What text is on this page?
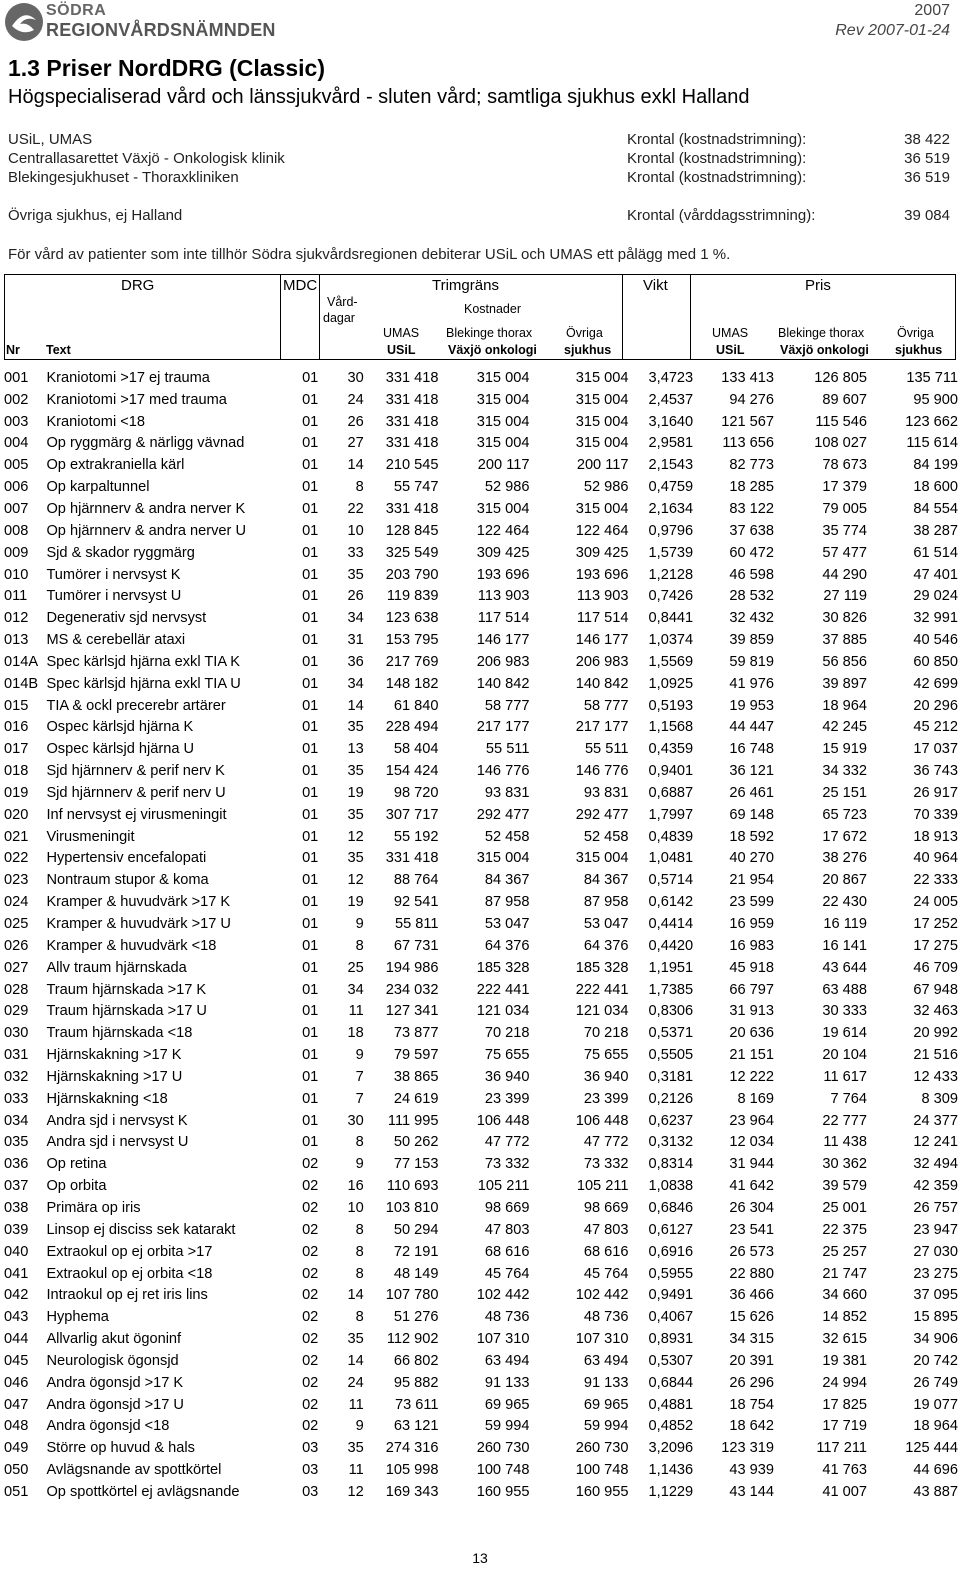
SÖDRA
REGIONVÅRDSNÄMNDEN
2007
Rev 2007-01-24
1.3 Priser NordDRG (Classic)
Högspecialiserad vård och länssjukvård - sluten vård; samtliga sjukhus exkl Halland
USiL, UMAS	Krontal (kostnadstrimning):	38 422
Centrallasarettet Växjö - Onkologisk klinik	Krontal (kostnadstrimning):	36 519
Blekingesjukhuset - Thoraxkliniken	Krontal (kostnadstrimning):	36 519
Övriga sjukhus, ej Halland	Krontal (vårddagsstrimning):	39 084
För vård av patienter som inte tillhör Södra sjukvårdsregionen debiterar USiL och UMAS ett pålägg med 1 %.
DRG	MDC	Trimgräns	Vikt	Pris
Vård-
dagar
Kostnader
UMAS Blekinge thorax	Övriga	UMAS Blekinge thorax	Övriga
Nr Text	USiL	Växjö onkologi sjukhus	USiL	Växjö onkologi sjukhus
001	Kraniotomi >17 ej trauma	01	30	331 418	315 004	315 004	3,4723	133 413	126 805	135 711
002	Kraniotomi >17 med trauma	01	24	331 418	315 004	315 004	2,4537	94 276	89 607	95 900
003	Kraniotomi <18	01	26	331 418	315 004	315 004	3,1640	121 567	115 546	123 662
004	Op ryggmärg & närligg vävnad	01	27	331 418	315 004	315 004	2,9581	113 656	108 027	115 614
005	Op extrakraniella kärl	01	14	210 545	200 117	200 117	2,1543	82 773	78 673	84 199
006	Op karpaltunnel	01	8	55 747	52 986	52 986	0,4759	18 285	17 379	18 600
007	Op hjärnnerv & andra nerver K	01	22	331 418	315 004	315 004	2,1634	83 122	79 005	84 554
008	Op hjärnnerv & andra nerver U	01	10	128 845	122 464	122 464	0,9796	37 638	35 774	38 287
009	Sjd & skador ryggmärg	01	33	325 549	309 425	309 425	1,5739	60 472	57 477	61 514
010	Tumörer i nervsyst K	01	35	203 790	193 696	193 696	1,2128	46 598	44 290	47 401
011	Tumörer i nervsyst U	01	26	119 839	113 903	113 903	0,7426	28 532	27 119	29 024
012	Degenerativ sjd nervsyst	01	34	123 638	117 514	117 514	0,8441	32 432	30 826	32 991
013	MS & cerebellär ataxi	01	31	153 795	146 177	146 177	1,0374	39 859	37 885	40 546
014A	Spec kärlsjd hjärna exkl TIA K	01	36	217 769	206 983	206 983	1,5569	59 819	56 856	60 850
014B	Spec kärlsjd hjärna exkl TIA U	01	34	148 182	140 842	140 842	1,0925	41 976	39 897	42 699
015	TIA & ockl precerebr artärer	01	14	61 840	58 777	58 777	0,5193	19 953	18 964	20 296
016	Ospec kärlsjd hjärna K	01	35	228 494	217 177	217 177	1,1568	44 447	42 245	45 212
017	Ospec kärlsjd hjärna U	01	13	58 404	55 511	55 511	0,4359	16 748	15 919	17 037
018	Sjd hjärnnerv & perif nerv K	01	35	154 424	146 776	146 776	0,9401	36 121	34 332	36 743
019	Sjd hjärnnerv & perif nerv U	01	19	98 720	93 831	93 831	0,6887	26 461	25 151	26 917
020	Inf nervsyst ej virusmeningit	01	35	307 717	292 477	292 477	1,7997	69 148	65 723	70 339
021	Virusmeningit	01	12	55 192	52 458	52 458	0,4839	18 592	17 672	18 913
022	Hypertensiv encefalopati	01	35	331 418	315 004	315 004	1,0481	40 270	38 276	40 964
023	Nontraum stupor & koma	01	12	88 764	84 367	84 367	0,5714	21 954	20 867	22 333
024	Kramper & huvudvärk >17 K	01	19	92 541	87 958	87 958	0,6142	23 599	22 430	24 005
025	Kramper & huvudvärk >17 U	01	9	55 811	53 047	53 047	0,4414	16 959	16 119	17 252
026	Kramper & huvudvärk <18	01	8	67 731	64 376	64 376	0,4420	16 983	16 141	17 275
027	Allv traum hjärnskada	01	25	194 986	185 328	185 328	1,1951	45 918	43 644	46 709
028	Traum hjärnskada >17 K	01	34	234 032	222 441	222 441	1,7385	66 797	63 488	67 948
029	Traum hjärnskada >17 U	01	11	127 341	121 034	121 034	0,8306	31 913	30 333	32 463
030	Traum hjärnskada <18	01	18	73 877	70 218	70 218	0,5371	20 636	19 614	20 992
031	Hjärnskakning >17 K	01	9	79 597	75 655	75 655	0,5505	21 151	20 104	21 516
032	Hjärnskakning >17 U	01	7	38 865	36 940	36 940	0,3181	12 222	11 617	12 433
033	Hjärnskakning <18	01	7	24 619	23 399	23 399	0,2126	8 169	7 764	8 309
034	Andra sjd i nervsyst K	01	30	111 995	106 448	106 448	0,6237	23 964	22 777	24 377
035	Andra sjd i nervsyst U	01	8	50 262	47 772	47 772	0,3132	12 034	11 438	12 241
036	Op retina	02	9	77 153	73 332	73 332	0,8314	31 944	30 362	32 494
037	Op orbita	02	16	110 693	105 211	105 211	1,0838	41 642	39 579	42 359
038	Primära op iris	02	10	103 810	98 669	98 669	0,6846	26 304	25 001	26 757
039	Linsop ej disciss sek katarakt	02	8	50 294	47 803	47 803	0,6127	23 541	22 375	23 947
040	Extraokul op ej orbita >17	02	8	72 191	68 616	68 616	0,6916	26 573	25 257	27 030
041	Extraokul op ej orbita <18	02	8	48 149	45 764	45 764	0,5955	22 880	21 747	23 275
042	Intraokul op ej ret iris lins	02	14	107 780	102 442	102 442	0,9491	36 466	34 660	37 095
043	Hyphema	02	8	51 276	48 736	48 736	0,4067	15 626	14 852	15 895
044	Allvarlig akut ögoninf	02	35	112 902	107 310	107 310	0,8931	34 315	32 615	34 906
045	Neurologisk ögonsjd	02	14	66 802	63 494	63 494	0,5307	20 391	19 381	20 742
046	Andra ögonsjd >17 K	02	24	95 882	91 133	91 133	0,6844	26 296	24 994	26 749
047	Andra ögonsjd >17 U	02	11	73 611	69 965	69 965	0,4881	18 754	17 825	19 077
048	Andra ögonsjd <18	02	9	63 121	59 994	59 994	0,4852	18 642	17 719	18 964
049	Större op huvud & hals	03	35	274 316	260 730	260 730	3,2096	123 319	117 211	125 444
050	Avlägsnande av spottkörtel	03	11	105 998	100 748	100 748	1,1436	43 939	41 763	44 696
051	Op spottkörtel ej avlägsnande	03	12	169 343	160 955	160 955	1,1229	43 144	41 007	43 887
13
